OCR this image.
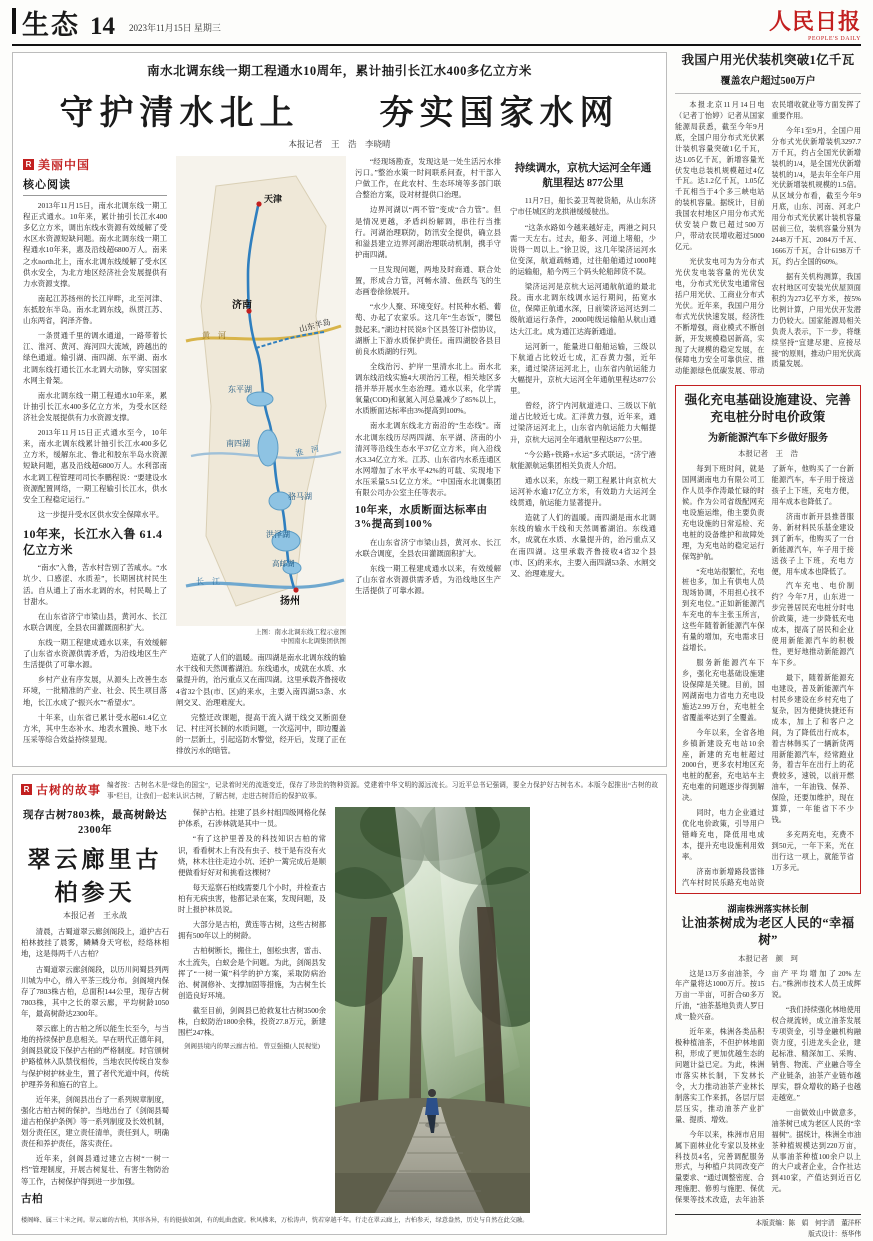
生态 14 2023年11月15日 星期三	人民日报
PEOPLE'S DAILY
南水北调东线一期工程通水10周年，累计抽引长江水400多亿立方米
守护清水北上　　夯实国家水网
本报记者　王　浩　李晓晴
R 美丽中国
核心阅读

2013年11月15日，南水北调东线一期工程正式通水。10年来，累计抽引长江水400多亿立方米，调出东线水资源有效缓解了受水区水资源短缺问题。南水北调东线一期工程通水10年来，惠及沿线超6800万人。南来之水north北上，南水北调东线缓解了受水区供水安全，为北方地区经济社会发展提供有力水资源支撑。

南起江苏扬州的长江岸畔，北至河津、东抵胶东半岛。南水北调东线，纵贯江苏、山东两省，润泽齐鲁。

一条贯通千里的调水通道，一路带着长江、淮河、黄河、海河四大流域，跨越出的绿色通道。输引湖、南四湖、东平湖、南水北调东线打通长江水北调大动脉，穿实国家水网主骨架。

南水北调东线一期工程通水10年来，累计抽引长江水400多亿立方米，为受水区经济社会发展提供有力水资源支撑。

2013年11月15日正式通水至今，10年来，南水北调东线累计抽引长江水400多亿立方米，缓解东北、鲁北和胶东半岛水资源短缺问题，惠及沿线超6800万人。水利部南水北调工程管理司司长李鹏程说：“要建设水资源配置网络，一期工程输引长江水，供水安全工程稳定运行。”

这一步提升受水区供水安全保障水平。

10年来，长江水入鲁 61.4亿立方米

“南水”入鲁，苦水村告别了苦咸水。“水坑少、口感涩、水质差”，长期困扰村民生活。自从通上了南水北调的水，村民喝上了甘甜水。

在山东省济宁市梁山县，黄河水、长江水联合调度，全县农田灌溉面积扩大。

东线一期工程建成通水以来，有效缓解了山东省水资源供需矛盾，为沿线地区生产生活提供了可靠水源。

乡村产业有序发展，从源头上改善生态环境，一批精准的产业、社会、民生项目落地，长江水成了“振兴水”“希望水”。

十年来，山东省已累计受水超61.4亿立方米，其中生态补水、地表水置换、地下水压采等综合效益持续显现。

天津
济南
扬州
东平湖
南四湖
骆马湖
洪泽湖
高邮湖
山东半岛
黄　河
淮　河
长　江
上图：南水北调东线工程示意图
中国南水北调集团供图

造就了人们的温暖。南四湖是南水北调东线的输水干线和天然调蓄湖泊。东线通水，成就在水质、水量提升的，治污重点又在南四湖。这里承载齐鲁接收4省32个县(市、区)的来水，主要入南四湖53条、水闸交叉、治理难度大。

完整迁改课题，提高干流入湖干线交叉断面登记、村庄河长制的水质问题，一次巡河中，即边覆盖的一层新土，引起巡防水警觉，经开后，发现了正在排放污水的暗管。

“经现场勘查，发现这是一处生活污水排污口。”整治水策一时间联系问查，村干部入户做工作，在此农村、生态环境等多部门联合整治方案，设对材提供口治理。

边界河湖以“两不管”变成“合力管”。但是情况更越，矛盾纠纷解调，串往行当推行。河湖治理联防，防汛安全提供，确立县和溢县建立边界河湖治理联动机制，携手守护南四湖。

一旦发现问题，两地及时商通、联合处置，形成合力管，河畅水清、鱼跃鸟飞的生态画卷徐徐展开。

“水少人聚、环境变好。村民种水稻、葡萄、办起了农家乐。这几年“生态饭”，腰包鼓起来。”湖边村民说8个区县签订补偿协议，湖断上下游水质保护责任。南四湖胶各县目前良水质湖的行列。

全线治污、护岸一里清水北上。南水北调东线沿线实施4大项治污工程，相关地区多措并举开展水生态治理。通水以来，化学需氧量(COD)和氨氮入河总量减少了85%以上，水质断面达标率由3%提高到100%。

南水北调东线北方南沿的“生态线”。南水北调东线历尽两四湖、东平湖、济南的小清河等沿线生态水平37亿立方米，向入沿线水3.34亿立方米。江苏、山东省内水系连通区水网增加了水平水平42%的可载、实现地下水压采量5.51亿立方米。“中国南水北调集团有限公司办公室主任等表示。

10年来，水质断面达标率由3%提高到100%

在山东省济宁市梁山县，黄河水、长江水联合调度，全县农田灌溉面积扩大。

东线一期工程建成通水以来，有效缓解了山东省水资源供需矛盾，为沿线地区生产生活提供了可靠水源。

持续调水，京杭大运河全年通航里程达 877公里

11月7日，船长姜卫驾驶货船，从山东济宁市任城区的龙拱港缓缓驶出。

“这条水路如今越来越好走，两港之间只需一天左右。过去，船多、河道上堵船，少说得一周以上。”徐卫说，这几年梁济运河水位变深，航道疏畅通，过往船舶通过1000吨的运输船，船今两三个码头轮船卸货不误。

梁济运河是京杭大运河通航航道的最北段。南水北调东线调水运行期间，拓宽水位，保障正航通水深，日前梁济运河达到二级航道运行条件，2000吨级运输船从航山通达大江北。成为通江达海新通道。

运河新一，能量进口船舶运输，三级以下航道占比较近七成，汇吞黄力强，近年来，通过梁济运河北上，山东省内航运能力大幅提升，京杭大运河全年通航里程达877公里。

曾经，济宁内河航道进口、三级以下航道占比较近七成。汇洋黄力强，近年来，通过梁济运河北上，山东省内航运能力大幅提升，京杭大运河全年通航里程达877公里。

“今公路+铁路+水运”多式联运，“济宁港航能源航运集团相关负责人介绍。

通水以来，东线一期工程累计向京杭大运河补水逾17亿立方米，有效助力大运河全线贯通，航运能力显著提升。

造就了人们的温暖。南四湖是南水北调东线的输水干线和天然调蓄湖泊。东线通水，成就在水质、水量提升的，治污重点又在南四湖。这里承载齐鲁接收4省32个县(市、区)的来水，主要入南四湖53条、水闸交叉、治理难度大。

R 古树的故事 编者按：古树名木是“绿色的国宝”，记录着时光的流逝变迁，保存了珍贵的物种资源。党建着中华文明的源远流长。习近平总书记强调，要全力保护好古树名木。本版今起推出“古树的故事”栏目，让我们一起来认识古树，了解古树，走进古树背后的保护故事。
现存古树7803株，最高树龄达2300年
翠云廊里古柏参天
本报记者　王永战

清晨，古蜀道翠云廊剑阁段上，道护古石柏林披挂了晨雾，鳞鳞身天穹松，经络林相地，这是得两千八古柏？

古蜀道翠云廊剑阁段，以历川间蜀县列两川城为中心，绵入平茶三线分布。剑阁境内保存了7803株古柏，总面积144公里，现存古树7803株，其中之长的翠云廊，平均树龄1050年，最高树龄达2300年。

翠云廊上的古柏之所以能生长至今，与当地的持续保护息息相关。早在明代正德年间，剑阁县就设下保护古柏的严格制度。时官颁树护路植林入队禁伐相传，当地农民传统自发参与保护树护林业生，置了者代光道中间，传统护理养务和施石的官上。

近年来，剑阁县出台了一系列规章制度，强化古柏古树的保护。当地出台了《剑阁县蜀道古柏保护条例》等一系列制度及长效机制，划分责任区，建立责任清单，责任到人，明确责任和养护责任，落实责任。

近年来，剑阁县通过建立古树“一树一档”管理制度，开展古树复壮、有害生物防治等工作，古树保护得到进一步加强。

古柏

保护古柏。挂建了县乡村组四级网格化保护体系，石涉林就是其中一员。

“有了这护里普及的科技知识古柏的常识，看看树木上有没有虫子、枝干是有没有火烧，林木往往走边小坑、还护一篱完成后是顺便做看好好对和挑看这棵树？

每天巡察石柏线需要几个小时，并检查古柏有无病虫害，他都记录在案，发现问题，及时上报护林员说。

大部分是古柏，黄连等古树，这些古树都拥有500年以上的树龄。

古柏树断长，搬住土，刨松虫害，雷击、水土流失，白蚁会是个问题。为此，剑阁县发挥了“一树一策”科学的护方案，采取防病治治、树洞修补、支撑加固等措施，为古树生长创造良好环境。

截至目前，剑阁县已抢救复壮古树3500余株，白蚁防治1800余株，投资27.8万元，新建围栏247株。

剑阁县境内的翠云廊古柏。 曾豆强摄(人民视觉)
楼阁峰、属三十米之间。翠云廊的古柏，其形各异，有的挺拔如剑，有的虬曲盘旋。秋风拂来，万松涛声，恍若穿越千年。行走在翠云廊上，古柏参天，绿意盎然，历史与自然在此交融。
我国户用光伏装机突破1亿千瓦
覆盖农户超过500万户

本报北京11月14日电（记者丁怡婷）记者从国家能源局获悉，截至今年9月底，全国户用分布式光伏累计装机容量突破1亿千瓦，达1.05亿千瓦，新增容量光伏发电总装机规模超过4亿千瓦。达1.2亿千瓦，1.05亿千瓦相当于4个多三峡电站的装机容量。据统计，目前我国农村地区户用分布式光伏安装户数已超过500万户，带动农民增收超过5000亿元。

光伏发电可为为分布式光伏发电装容量的光伏发电，分布式光伏发电通常包括户用光伏、工商业分布式光伏。近年来，我国户用分布式光伏快速发展，经济性不断增强，商业模式不断创新，开发规模稳居新高，实现了大规模的稳定发展，在保障电力安全可靠供应、推动能源绿色低碳发展、带动农民增收就业等方面发挥了重要作用。

今年1至9月，全国户用分布式光伏新增装机3297.7万千瓦，约占全国光伏新增装机的1/4，是全国光伏新增装机的1/4，是去年全年户用光伏新增装机规模的1.5倍。从区域分布看，截至今年9月底，山东、河南、河北户用分布式光伏累计装机容量居前三位，装机容量分别为2448万千瓦、2084万千瓦、1666万千瓦，合计6198万千瓦，约占全国的60%。

据有关机构测算，我国农村地区可安装光伏屋顶面积约为273亿平方米，按5%比例计算，户用光伏开发潜力仍较大。国家能源局相关负责人表示，下一步，将继续坚持“宜建尽建、应接尽接”的原则，推动户用光伏高质量发展。

强化充电基础设施建设、完善充电桩分时电价政策
为新能源汽车下乡做好服务
本报记者　王　浩

每到下班时间，就是国网湖南电力有限公司工作人员李作涛最忙碌的时候。作为公司省级配网充电设施运维，他主要负责充电设施的日常巡检、充电桩的设备维护和故障处理，为充电站的稳定运行保驾护航。

“充电站很繁忙，充电桩也多，加上有供电人员现场协调，不用担心找不到充电位。”正如新能源汽车充电的车主张玉所言，这些年随着新能源汽车保有量的增加，充电需求日益增长。

服务新能源汽车下乡，强化充电基础设施建设保障是关键。目前，国网湖南电力省电力充电设施达2.99万台，充电桩全省覆盖率达到了全覆盖。

今年以来，全省各地乡镇新建设充电站10余座，新建的充电桩超过2000台，更多农村地区充电桩的配套，充电站车主充电难的问题逐步得到解决。

同时，电力企业通过优化电价政策，引导用户错峰充电，降低用电成本，提升充电设施利用效率。

济南市新增路段雷锋汽车村时民乐路充电站资了新车，他购买了一台新能源汽车，车子用于接送孩子上下班，充电方便，用车成本也降低了。

济南市新开县推普服务、新材料民乐基金建设到了新车，他购买了一台新能源汽车，车子用于接送孩子上下班，充电方便，用车成本也降低了。

汽车充电、电价制约？今年7月，山东进一步完善居民充电桩分时电价政策，进一步降低充电成本，提高了居民和企业使用新能源汽车的积极性，更好地推动新能源汽车下乡。

最下，随着新能源充电建设，普及新能源汽车村民乡建设在乡村充电了复杂，因为便捷快捷还有成本，加上了和客户之间，为了降低出行成本，着吉林韩买了一辆新货两用新能源汽车，经常跑业务，着吉年在出行上的花费较多，速锐，以前开燃油车，一年油钱、保养、保险，还要加维护，现在算算，一年能省下不少钱。

多充两充电，充费不到50元，一年下来，光在出行这一项上，就能节省1万多元。

湖南株洲落实林长制
让油茶树成为老区人民的“幸福树”
本报记者　颜　珂

这是13万多亩油茶，今年产量将达1000万斤。按15万亩一半亩，可折合60多万斤油，“油茶基地负责人罗日成一脸兴奋。

近年来，株洲各类品积极种植油茶，不但护林地面积，形成了更加优越生态的问题计益已定。为此，株洲市落实林长制，下发林长令，大力推动油茶产业林长制落实工作来抓，各层厅层层压实，推动油茶产业扩量、提质、增效。

今年以来，株洲市启用属下面林业化专家以及林业科技员4名，完善调配服务形式，与种植户共同改变产量要求、“通过调整密度、合理施肥、修剪与施肥、保优保果等技术改造，去年油茶亩产平均增加了20%左右。”株洲市技术人员王成辉说。

“我们持续强化林地使用权合规流转，成立油茶发展专项资金，引导金融机构融资力度，引进龙头企业，建起标准、精深加工、采购、销售、物流、产业融合等全产业链条，油茶产业链布越厚实，群众增收的路子也越走越宽。”

一亩做效山中做意多，油茶树已成为老区人民的“幸福树”。据统计，株洲全市油茶种植规模达到220万亩，从事油茶种植100余户以上的大户或者企业，合作社达到410家，产值达到近百亿元。

本版责编：陈　娟　何宇清　董洋杯
版式设计：蔡华伟
